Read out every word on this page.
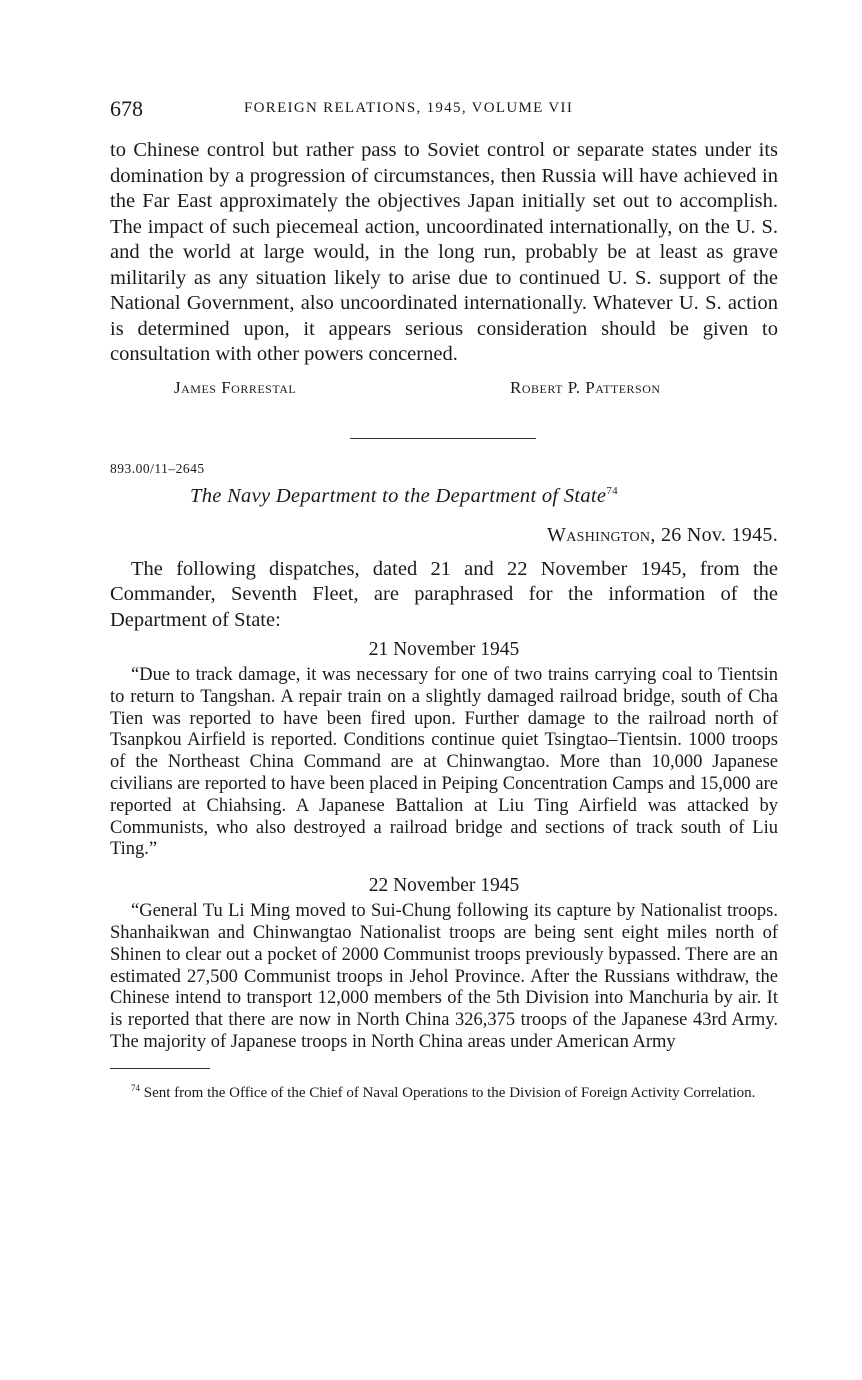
678	FOREIGN RELATIONS, 1945, VOLUME VII

to Chinese control but rather pass to Soviet control or separate states under its domination by a progression of circumstances, then Russia will have achieved in the Far East approximately the objectives Japan initially set out to accomplish. The impact of such piecemeal action, uncoordinated internationally, on the U. S. and the world at large would, in the long run, probably be at least as grave militarily as any situation likely to arise due to continued U. S. support of the National Government, also uncoordinated internationally. Whatever U. S. action is determined upon, it appears serious consideration should be given to consultation with other powers concerned.

James Forrestal	Robert P. Patterson
893.00/11–2645
The Navy Department to the Department of State$^{74}$
Washington, 26 Nov. 1945.

The following dispatches, dated 21 and 22 November 1945, from the Commander, Seventh Fleet, are paraphrased for the information of the Department of State:

21 November 1945

“Due to track damage, it was necessary for one of two trains carrying coal to Tientsin to return to Tangshan. A repair train on a slightly damaged railroad bridge, south of Cha Tien was reported to have been fired upon. Further damage to the railroad north of Tsanpkou Airfield is reported. Conditions continue quiet Tsingtao–Tientsin. 1000 troops of the Northeast China Command are at Chinwangtao. More than 10,000 Japanese civilians are reported to have been placed in Peiping Concentration Camps and 15,000 are reported at Chiahsing. A Japanese Battalion at Liu Ting Airfield was attacked by Communists, who also destroyed a railroad bridge and sections of track south of Liu Ting.”

22 November 1945

“General Tu Li Ming moved to Sui-Chung following its capture by Nationalist troops. Shanhaikwan and Chinwangtao Nationalist troops are being sent eight miles north of Shinen to clear out a pocket of 2000 Communist troops previously bypassed. There are an estimated 27,500 Communist troops in Jehol Province. After the Russians withdraw, the Chinese intend to transport 12,000 members of the 5th Division into Manchuria by air. It is reported that there are now in North China 326,375 troops of the Japanese 43rd Army. The majority of Japanese troops in North China areas under American Army

$^{74}$ Sent from the Office of the Chief of Naval Operations to the Division of Foreign Activity Correlation.
